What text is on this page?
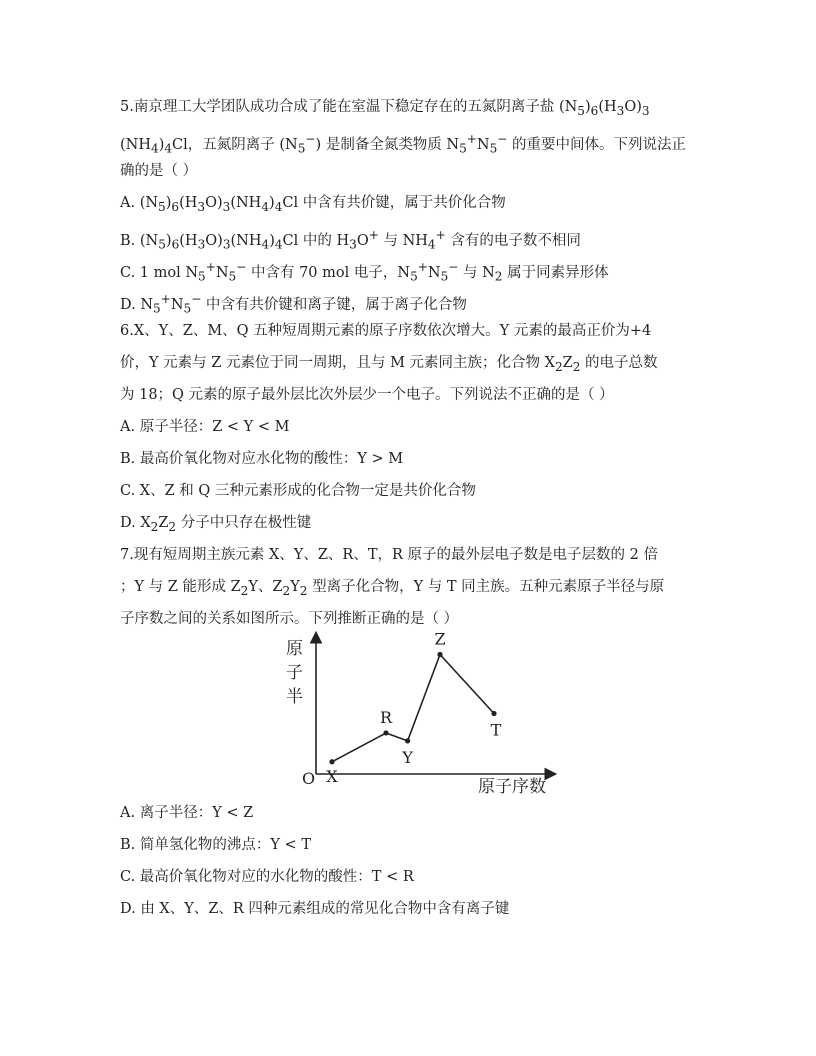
5.南京理工大学团队成功合成了能在室温下稳定存在的五氮阴离子盐 $(N_5)_6(H_3O)_3$
$(NH_4)_4Cl$，五氮阴离子 $(N_5^-)$ 是制备全氮类物质 $N_5^+N_5^-$ 的重要中间体。下列说法正
确的是（ ）
A. $(N_5)_6(H_3O)_3(NH_4)_4Cl$ 中含有共价键，属于共价化合物
B. $(N_5)_6(H_3O)_3(NH_4)_4Cl$ 中的 $H_3O^+$ 与 $NH_4^+$ 含有的电子数不相同
C. 1 mol $N_5^+N_5^-$ 中含有 70 mol 电子，$N_5^+N_5^-$ 与 $N_2$ 属于同素异形体
D. $N_5^+N_5^-$ 中含有共价键和离子键，属于离子化合物
6.X、Y、Z、M、Q 五种短周期元素的原子序数依次增大。Y 元素的最高正价为+4
价，Y 元素与 Z 元素位于同一周期，且与 M 元素同主族；化合物 $X_2Z_2$ 的电子总数
为 18；Q 元素的原子最外层比次外层少一个电子。下列说法不正确的是（ ）
A. 原子半径：Z < Y < M
B. 最高价氧化物对应水化物的酸性：Y > M
C. X、Z 和 Q 三种元素形成的化合物一定是共价化合物
D. $X_2Z_2$ 分子中只存在极性键
7.现有短周期主族元素 X、Y、Z、R、T，R 原子的最外层电子数是电子层数的 2 倍
；Y 与 Z 能形成 $Z_2Y$、$Z_2Y_2$ 型离子化合物，Y 与 T 同主族。五种元素原子半径与原
子序数之间的关系如图所示。下列推断正确的是（ ）
原
子
半
O	原子序数
X
R
Y
Z
T
A. 离子半径：Y < Z
B. 简单氢化物的沸点：Y < T
C. 最高价氧化物对应的水化物的酸性：T < R
D. 由 X、Y、Z、R 四种元素组成的常见化合物中含有离子键
